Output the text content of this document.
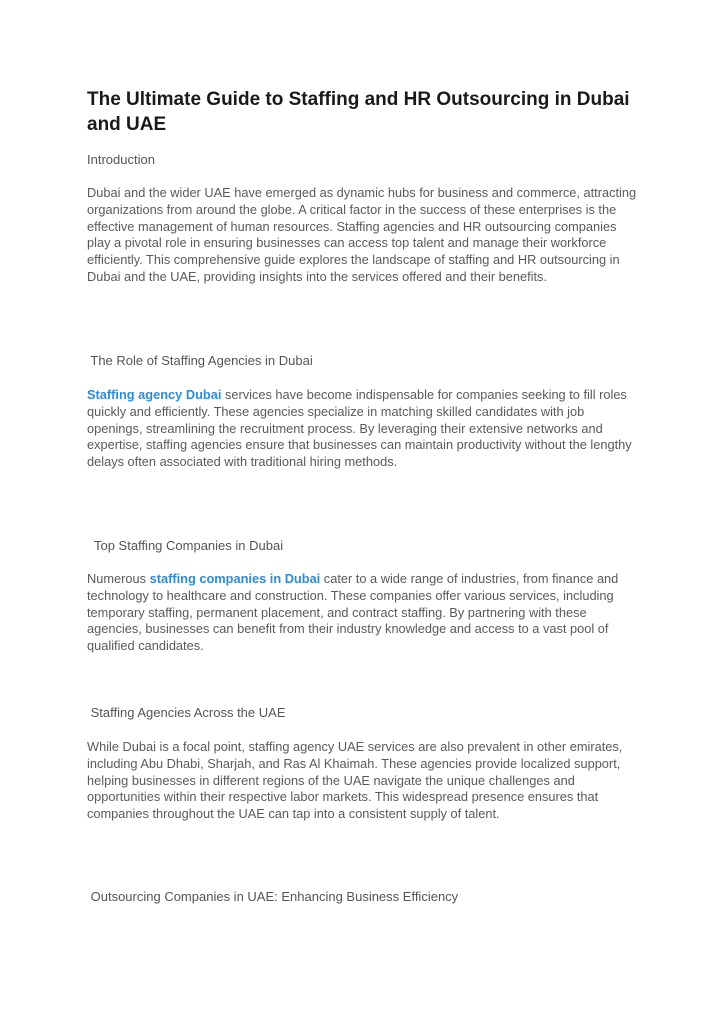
The Ultimate Guide to Staffing and HR Outsourcing in Dubai and UAE

Introduction

Dubai and the wider UAE have emerged as dynamic hubs for business and commerce, attracting organizations from around the globe. A critical factor in the success of these enterprises is the effective management of human resources. Staffing agencies and HR outsourcing companies play a pivotal role in ensuring businesses can access top talent and manage their workforce efficiently. This comprehensive guide explores the landscape of staffing and HR outsourcing in Dubai and the UAE, providing insights into the services offered and their benefits.

The Role of Staffing Agencies in Dubai

Staffing agency Dubai services have become indispensable for companies seeking to fill roles quickly and efficiently. These agencies specialize in matching skilled candidates with job openings, streamlining the recruitment process. By leveraging their extensive networks and expertise, staffing agencies ensure that businesses can maintain productivity without the lengthy delays often associated with traditional hiring methods.

Top Staffing Companies in Dubai

Numerous staffing companies in Dubai cater to a wide range of industries, from finance and technology to healthcare and construction. These companies offer various services, including temporary staffing, permanent placement, and contract staffing. By partnering with these agencies, businesses can benefit from their industry knowledge and access to a vast pool of qualified candidates.

Staffing Agencies Across the UAE

While Dubai is a focal point, staffing agency UAE services are also prevalent in other emirates, including Abu Dhabi, Sharjah, and Ras Al Khaimah. These agencies provide localized support, helping businesses in different regions of the UAE navigate the unique challenges and opportunities within their respective labor markets. This widespread presence ensures that companies throughout the UAE can tap into a consistent supply of talent.

Outsourcing Companies in UAE: Enhancing Business Efficiency
